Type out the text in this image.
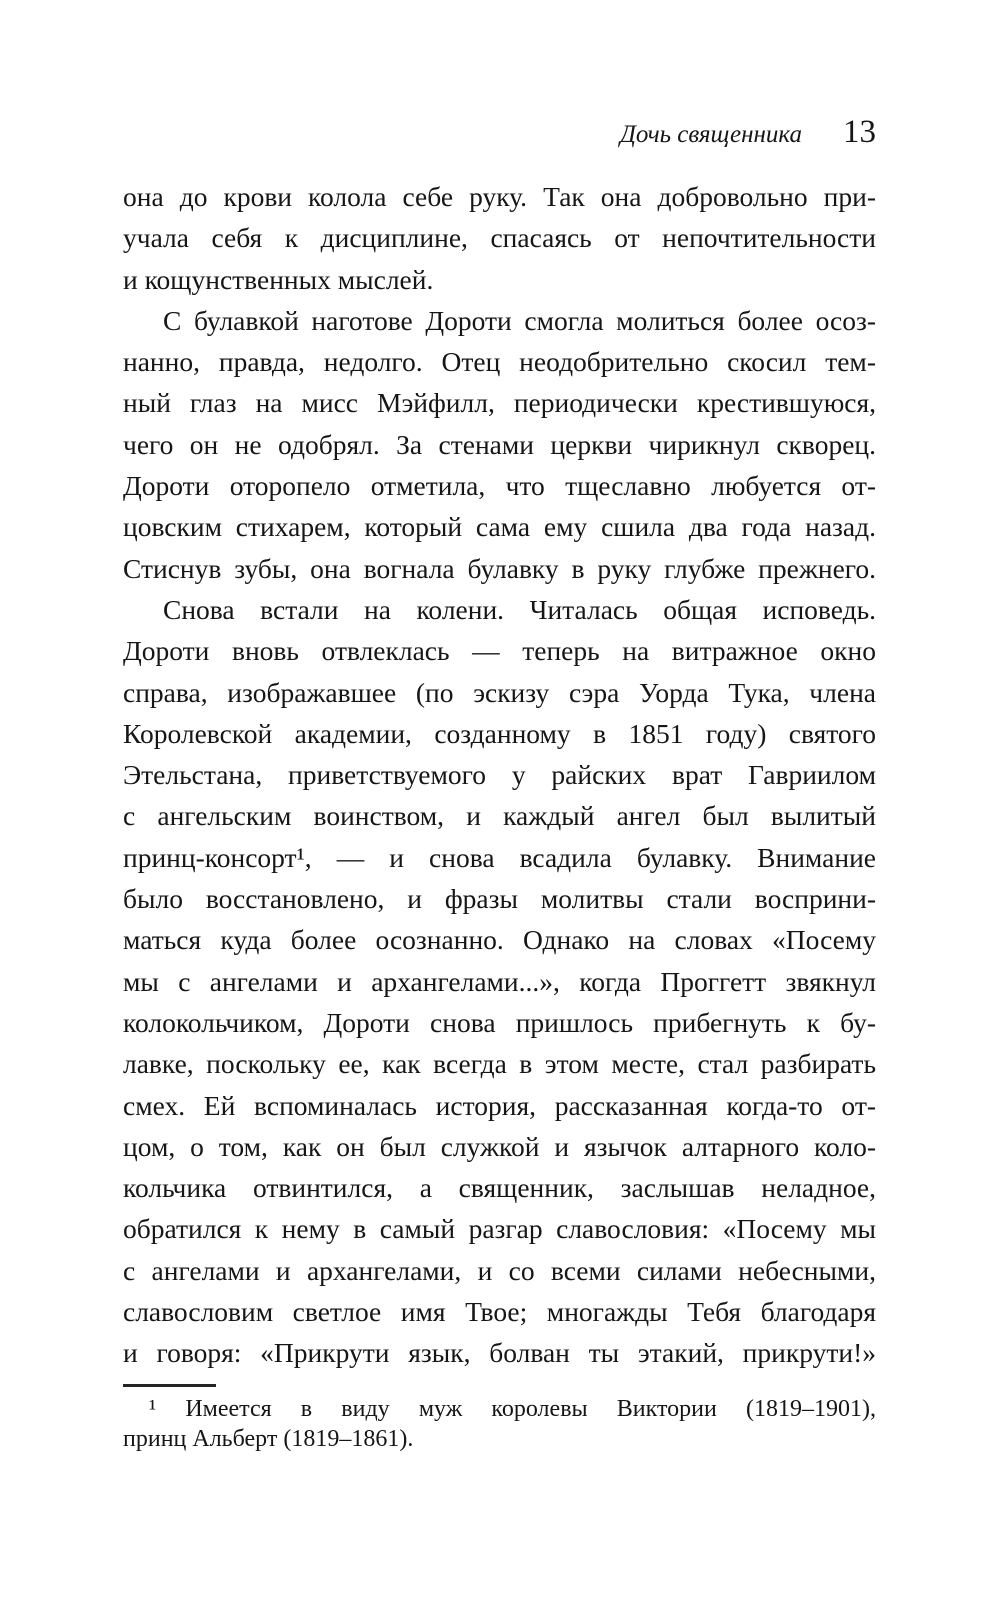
Дочь священника 13
она до крови колола себе руку. Так она добровольно при-
учала себя к дисциплине, спасаясь от непочтительности
и кощунственных мыслей.
С булавкой наготове Дороти смогла молиться более осоз-
нанно, правда, недолго. Отец неодобрительно скосил тем-
ный глаз на мисс Мэйфилл, периодически крестившуюся,
чего он не одобрял. За стенами церкви чирикнул скворец.
Дороти оторопело отметила, что тщеславно любуется от-
цовским стихарем, который сама ему сшила два года назад.
Стиснув зубы, она вогнала булавку в руку глубже прежнего.
Снова встали на колени. Читалась общая исповедь.
Дороти вновь отвлеклась — теперь на витражное окно
справа, изображавшее (по эскизу сэра Уорда Тука, члена
Королевской академии, созданному в 1851 году) святого
Этельстана, приветствуемого у райских врат Гавриилом
с ангельским воинством, и каждый ангел был вылитый
принц-консорт¹, — и снова всадила булавку. Внимание
было восстановлено, и фразы молитвы стали восприни-
маться куда более осознанно. Однако на словах «Посему
мы с ангелами и архангелами...», когда Проггетт звякнул
колокольчиком, Дороти снова пришлось прибегнуть к бу-
лавке, поскольку ее, как всегда в этом месте, стал разбирать
смех. Ей вспоминалась история, рассказанная когда-то от-
цом, о том, как он был служкой и язычок алтарного коло-
кольчика отвинтился, а священник, заслышав неладное,
обратился к нему в самый разгар славословия: «Посему мы
с ангелами и архангелами, и со всеми силами небесными,
славословим светлое имя Твое; многажды Тебя благодаря
и говоря: «Прикрути язык, болван ты этакий, прикрути!»
¹ Имеется в виду муж королевы Виктории (1819–1901),
принц Альберт (1819–1861).
